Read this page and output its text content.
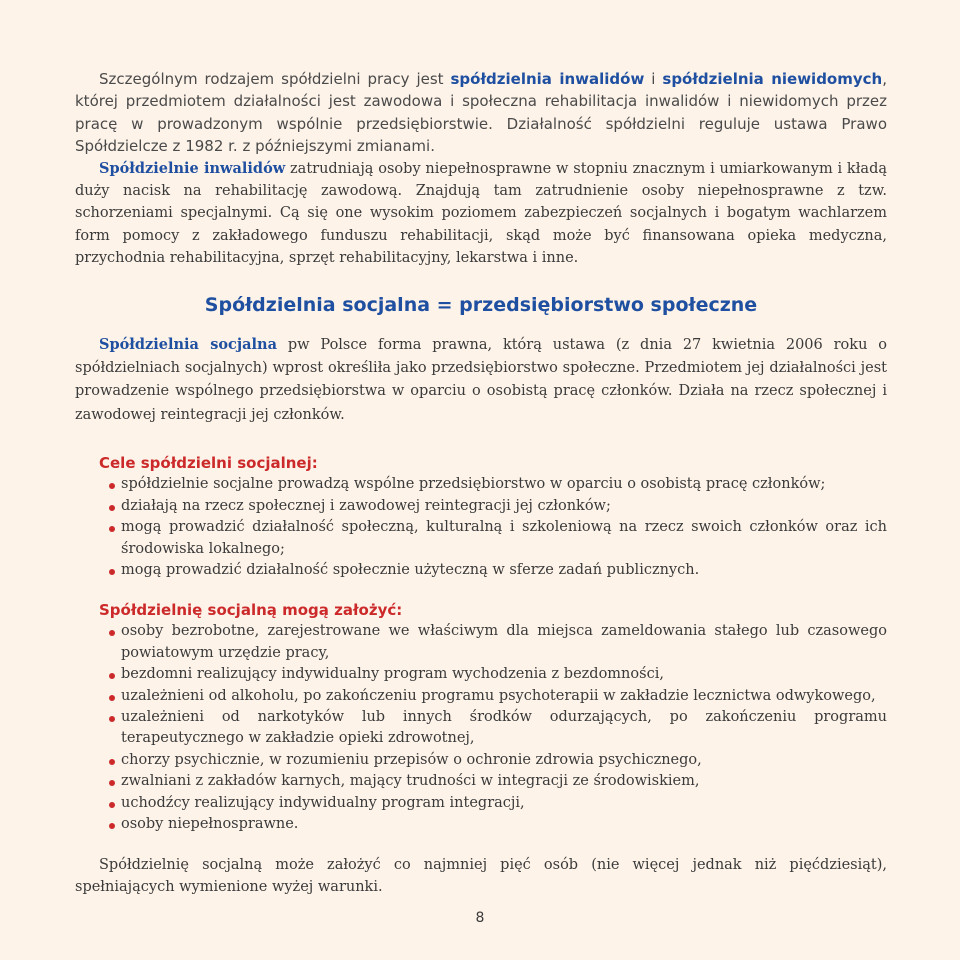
Szczególnym rodzajem spółdzielni pracy jest spółdzielnia inwalidów i spółdzielnia niewidomych, której przedmiotem działalności jest zawodowa i społeczna rehabilitacja inwalidów i niewidomych przez pracę w prowadzonym wspólnie przedsiębiorstwie. Działalność spółdzielni reguluje ustawa Prawo Spółdzielcze z 1982 r. z późniejszymi zmianami.

Spółdzielnie inwalidów zatrudniają osoby niepełnosprawne w stopniu znacznym i umiarkowanym i kładą duży nacisk na rehabilitację zawodową. Znajdują tam zatrudnienie osoby niepełnosprawne z tzw. schorzeniami specjalnymi. Cą się one wysokim poziomem zabezpieczeń socjalnych i bogatym wachlarzem form pomocy z zakładowego funduszu rehabilitacji, skąd może być finansowana opieka medyczna, przychodnia rehabilitacyjna, sprzęt rehabilitacyjny, lekarstwa i inne.

Spółdzielnia socjalna = przedsiębiorstwo społeczne

Spółdzielnia socjalna pw Polsce forma prawna, którą ustawa (z dnia 27 kwietnia 2006 roku o spółdzielniach socjalnych) wprost określiła jako przedsiębiorstwo społeczne. Przedmiotem jej działalności jest prowadzenie wspólnego przedsiębiorstwa w oparciu o osobistą pracę członków. Działa na rzecz społecznej i zawodowej reintegracji jej członków.

Cele spółdzielni socjalnej:
spółdzielnie socjalne prowadzą wspólne przedsiębiorstwo w oparciu o osobistą pracę członków;
działają na rzecz społecznej i zawodowej reintegracji jej członków;
mogą prowadzić działalność społeczną, kulturalną i szkoleniową na rzecz swoich członków oraz ich środowiska lokalnego;
mogą prowadzić działalność społecznie użyteczną w sferze zadań publicznych.
Spółdzielnię socjalną mogą założyć:
osoby bezrobotne, zarejestrowane we właściwym dla miejsca zameldowania stałego lub czasowego powiatowym urzędzie pracy,
bezdomni realizujący indywidualny program wychodzenia z bezdomności,
uzależnieni od alkoholu, po zakończeniu programu psychoterapii w zakładzie lecznictwa odwykowego,
uzależnieni od narkotyków lub innych środków odurzających, po zakończeniu programu terapeutycznego w zakładzie opieki zdrowotnej,
chorzy psychicznie, w rozumieniu przepisów o ochronie zdrowia psychicznego,
zwalniani z zakładów karnych, mający trudności w integracji ze środowiskiem,
uchodźcy realizujący indywidualny program integracji,
osoby niepełnosprawne.

Spółdzielnię socjalną może założyć co najmniej pięć osób (nie więcej jednak niż pięćdziesiąt), spełniających wymienione wyżej warunki.

8
